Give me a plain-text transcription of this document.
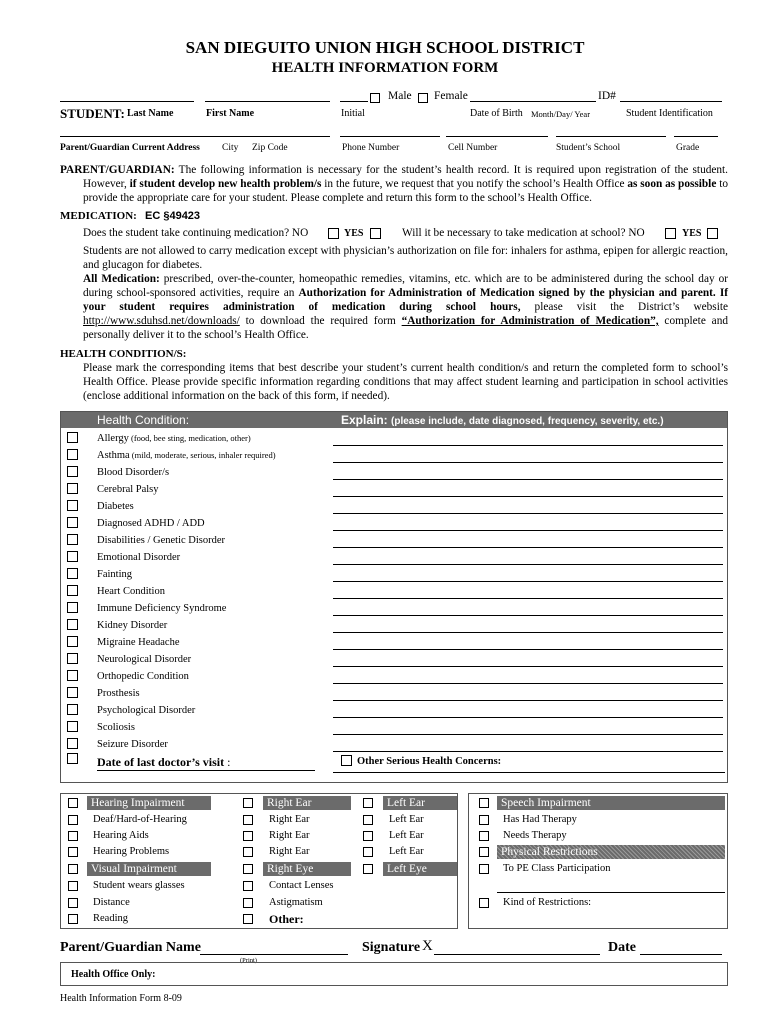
SAN DIEGUITO UNION HIGH SCHOOL DISTRICT
HEALTH INFORMATION FORM
Male Female	ID#
STUDENT: Last Name	First Name	Initial	Date of Birth Month/Day/ Year	Student Identification
Parent/Guardian Current Address City Zip Code	Phone Number	Cell Number	Student’s School	Grade
PARENT/GUARDIAN: The following information is necessary for the student’s health record. It is required upon registration of the student. However, if student develop new health problem/s in the future, we request that you notify the school’s Health Office as soon as possible to provide the appropriate care for your student. Please complete and return this form to the school’s Health Office.
MEDICATION: EC §49423
Does the student take continuing medication? NO	YES	Will it be necessary to take medication at school? NO	YES
Students are not allowed to carry medication except with physician’s authorization on file for: inhalers for asthma, epipen for allergic reaction, and glucagon for diabetes.
All Medication: prescribed, over-the-counter, homeopathic remedies, vitamins, etc. which are to be administered during the school day or during school-sponsored activities, require an Authorization for Administration of Medication signed by the physician and parent. If your student requires administration of medication during school hours, please visit the District’s website http://www.sduhsd.net/downloads/ to download the required form “Authorization for Administration of Medication”, complete and personally deliver it to the school’s Health Office.
HEALTH CONDITION/S:
Please mark the corresponding items that best describe your student’s current health condition/s and return the completed form to school’s Health Office. Please provide specific information regarding conditions that may affect student learning and participation in school activities (enclose additional information on the back of this form, if needed).
Health Condition:	Explain: (please include, date diagnosed, frequency, severity, etc.)
Allergy (food, bee sting, medication, other)
Asthma (mild, moderate, serious, inhaler required)
Blood Disorder/s
Cerebral Palsy
Diabetes
Diagnosed ADHD / ADD
Disabilities / Genetic Disorder
Emotional Disorder
Fainting
Heart Condition
Immune Deficiency Syndrome
Kidney Disorder
Migraine Headache
Neurological Disorder
Orthopedic Condition
Prosthesis
Psychological Disorder
Scoliosis
Seizure Disorder
Date of last doctor’s visit :	Other Serious Health Concerns:
Hearing Impairment	Right Ear	Left Ear
Deaf/Hard-of-Hearing	Right Ear	Left Ear
Hearing Aids	Right Ear	Left Ear
Hearing Problems	Right Ear	Left Ear
Visual Impairment	Right Eye	Left Eye
Student wears glasses	Contact Lenses
Distance	Astigmatism
Reading	Other:
Speech Impairment
Has Had Therapy
Needs Therapy
Physical Restrictions
To PE Class Participation
Kind of Restrictions:
Parent/Guardian Name
(Print)
Signature X	Date
Health Office Only:
Health Information Form 8-09
